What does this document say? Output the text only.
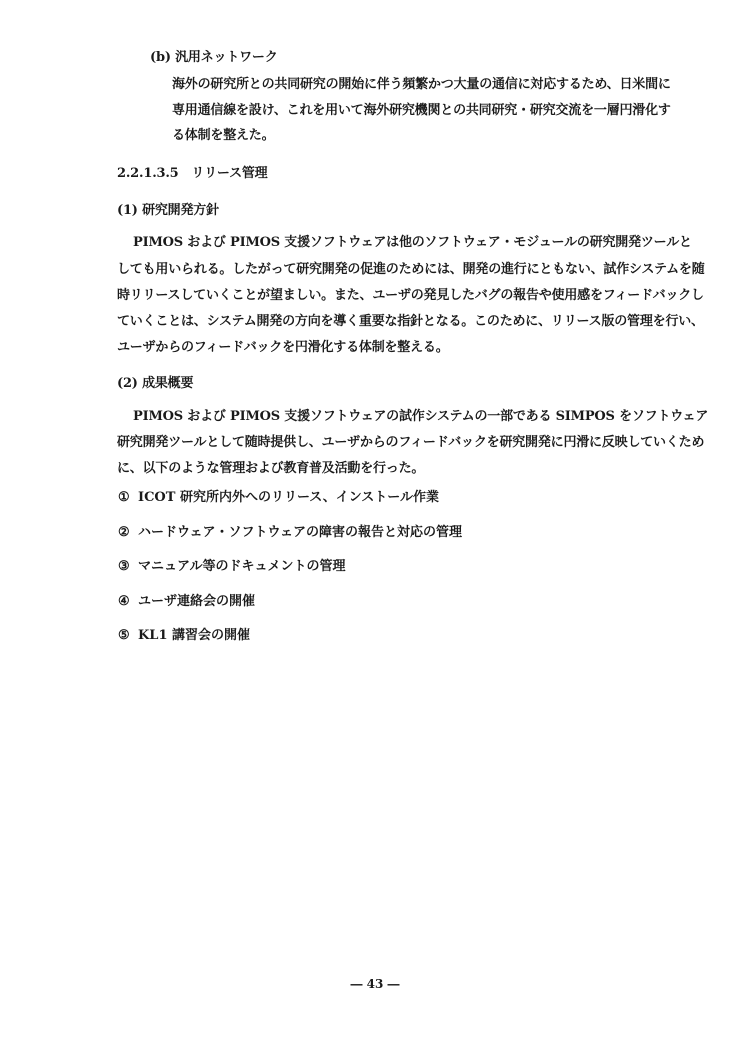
(b) 汎用ネットワーク

海外の研究所との共同研究の開始に伴う頻繁かつ大量の通信に対応するため、日米間に

専用通信線を設け、これを用いて海外研究機関との共同研究・研究交流を一層円滑化す

る体制を整えた。

2.2.1.3.5　リリース管理

(1) 研究開発方針

PIMOS および PIMOS 支援ソフトウェアは他のソフトウェア・モジュールの研究開発ツールと

しても用いられる。したがって研究開発の促進のためには、開発の進行にともない、試作システムを随

時リリースしていくことが望ましい。また、ユーザの発見したバグの報告や使用感をフィードバックし

ていくことは、システム開発の方向を導く重要な指針となる。このために、リリース版の管理を行い、

ユーザからのフィードバックを円滑化する体制を整える。

(2) 成果概要

PIMOS および PIMOS 支援ソフトウェアの試作システムの一部である SIMPOS をソフトウェア

研究開発ツールとして随時提供し、ユーザからのフィードバックを研究開発に円滑に反映していくため

に、以下のような管理および教育普及活動を行った。

① ICOT 研究所内外へのリリース、インストール作業
② ハードウェア・ソフトウェアの障害の報告と対応の管理
③ マニュアル等のドキュメントの管理
④ ユーザ連絡会の開催
⑤ KL1 講習会の開催
― 43 ―
